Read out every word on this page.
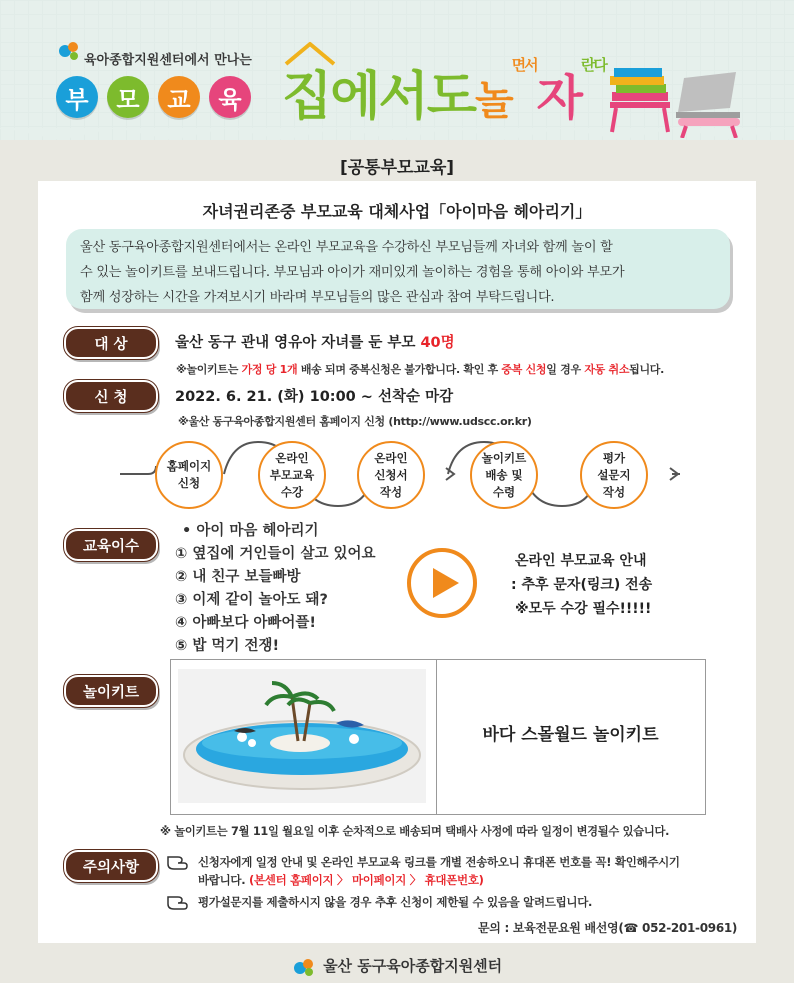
육아종합지원센터에서 만나는
부	모	교	육 집에서도놀$^{면서}$자$^{란다}$
[공통부모교육]
자녀권리존중 부모교육 대체사업「아이마음 헤아리기」
울산 동구육아종합지원센터에서는 온라인 부모교육을 수강하신 부모님들께 자녀와 함께 놀이 할
수 있는 놀이키트를 보내드립니다. 부모님과 아이가 재미있게 놀이하는 경험을 통해 아이와 부모가
함께 성장하는 시간을 가져보시기 바라며 부모님들의 많은 관심과 참여 부탁드립니다.
대 상	울산 동구 관내 영유아 자녀를 둔 부모 40명
※놀이키트는 가정 당 1개 배송 되며 중복신청은 불가합니다. 확인 후 중복 신청일 경우 자동 취소됩니다.
신 청	2022. 6. 21. (화) 10:00 ~ 선착순 마감
※울산 동구육아종합지원센터 홈페이지 신청 (http://www.udscc.or.kr)
홈페이지
신청
온라인
부모교육
수강
온라인
신청서
작성
놀이키트
배송 및
수령
평가
설문지
작성
교육이수
• 아이 마음 헤아리기
① 옆집에 거인들이 살고 있어요
② 내 친구 보들빠방
③ 이제 같이 놀아도 돼?
④ 아빠보다 아빠어플!
⑤ 밥 먹기 전쟁!
온라인 부모교육 안내
: 추후 문자(링크) 전송
※모두 수강 필수!!!!!
놀이키트
바다 스몰월드 놀이키트
※ 놀이키트는 7월 11일 월요일 이후 순차적으로 배송되며 택배사 사정에 따라 일정이 변경될수 있습니다.
주의사항	신청자에게 일정 안내 및 온라인 부모교육 링크를 개별 전송하오니 휴대폰 번호를 꼭! 확인해주시기
바랍니다. (본센터 홈페이지 〉 마이페이지 〉 휴대폰번호)
평가설문지를 제출하시지 않을 경우 추후 신청이 제한될 수 있음을 알려드립니다.
문의 : 보육전문요원 배선영(☎ 052-201-0961)
울산 동구육아종합지원센터
